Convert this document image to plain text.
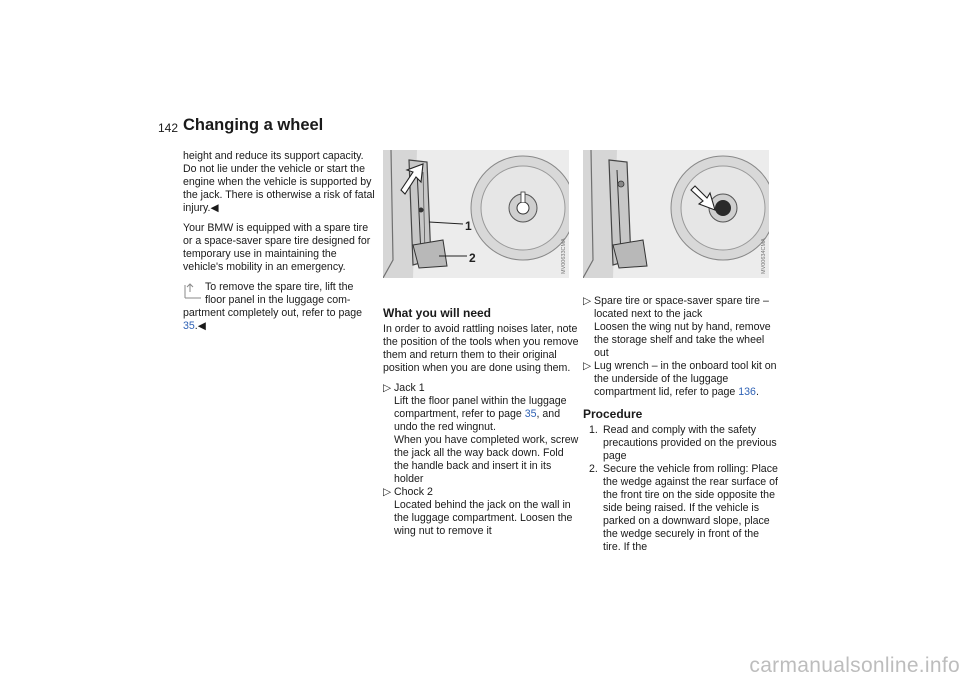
142 Changing a wheel

height and reduce its support capacity. Do not lie under the vehicle or start the engine when the vehicle is supported by the jack. There is otherwise a risk of fatal injury.◀

Your BMW is equipped with a spare tire or a space-saver spare tire designed for temporary use in maintaining the vehicle's mobility in an emergency.

To remove the spare tire, lift the
floor panel in the luggage com-
partment completely out, refer to page 35.◀
1
2	MV00633CMA	MV00634CMA
What you will need

In order to avoid rattling noises later, note the position of the tools when you remove them and return them to their original position when you are done using them.

▷ Jack 1
Lift the floor panel within the luggage compartment, refer to page 35, and undo the red wingnut.
When you have completed work, screw the jack all the way back down. Fold the handle back and insert it in its holder
▷ Chock 2
Located behind the jack on the wall in the luggage compartment. Loosen the wing nut to remove it
▷ Spare tire or space-saver spare tire – located next to the jack
Loosen the wing nut by hand, remove the storage shelf and take the wheel out
▷ Lug wrench – in the onboard tool kit on the underside of the luggage compartment lid, refer to page 136.
Procedure
1. Read and comply with the safety precautions provided on the previous page
2. Secure the vehicle from rolling: Place the wedge against the rear surface of the front tire on the side opposite the side being raised. If the vehicle is parked on a downward slope, place the wedge securely in front of the tire. If the
carmanualsonline.info
